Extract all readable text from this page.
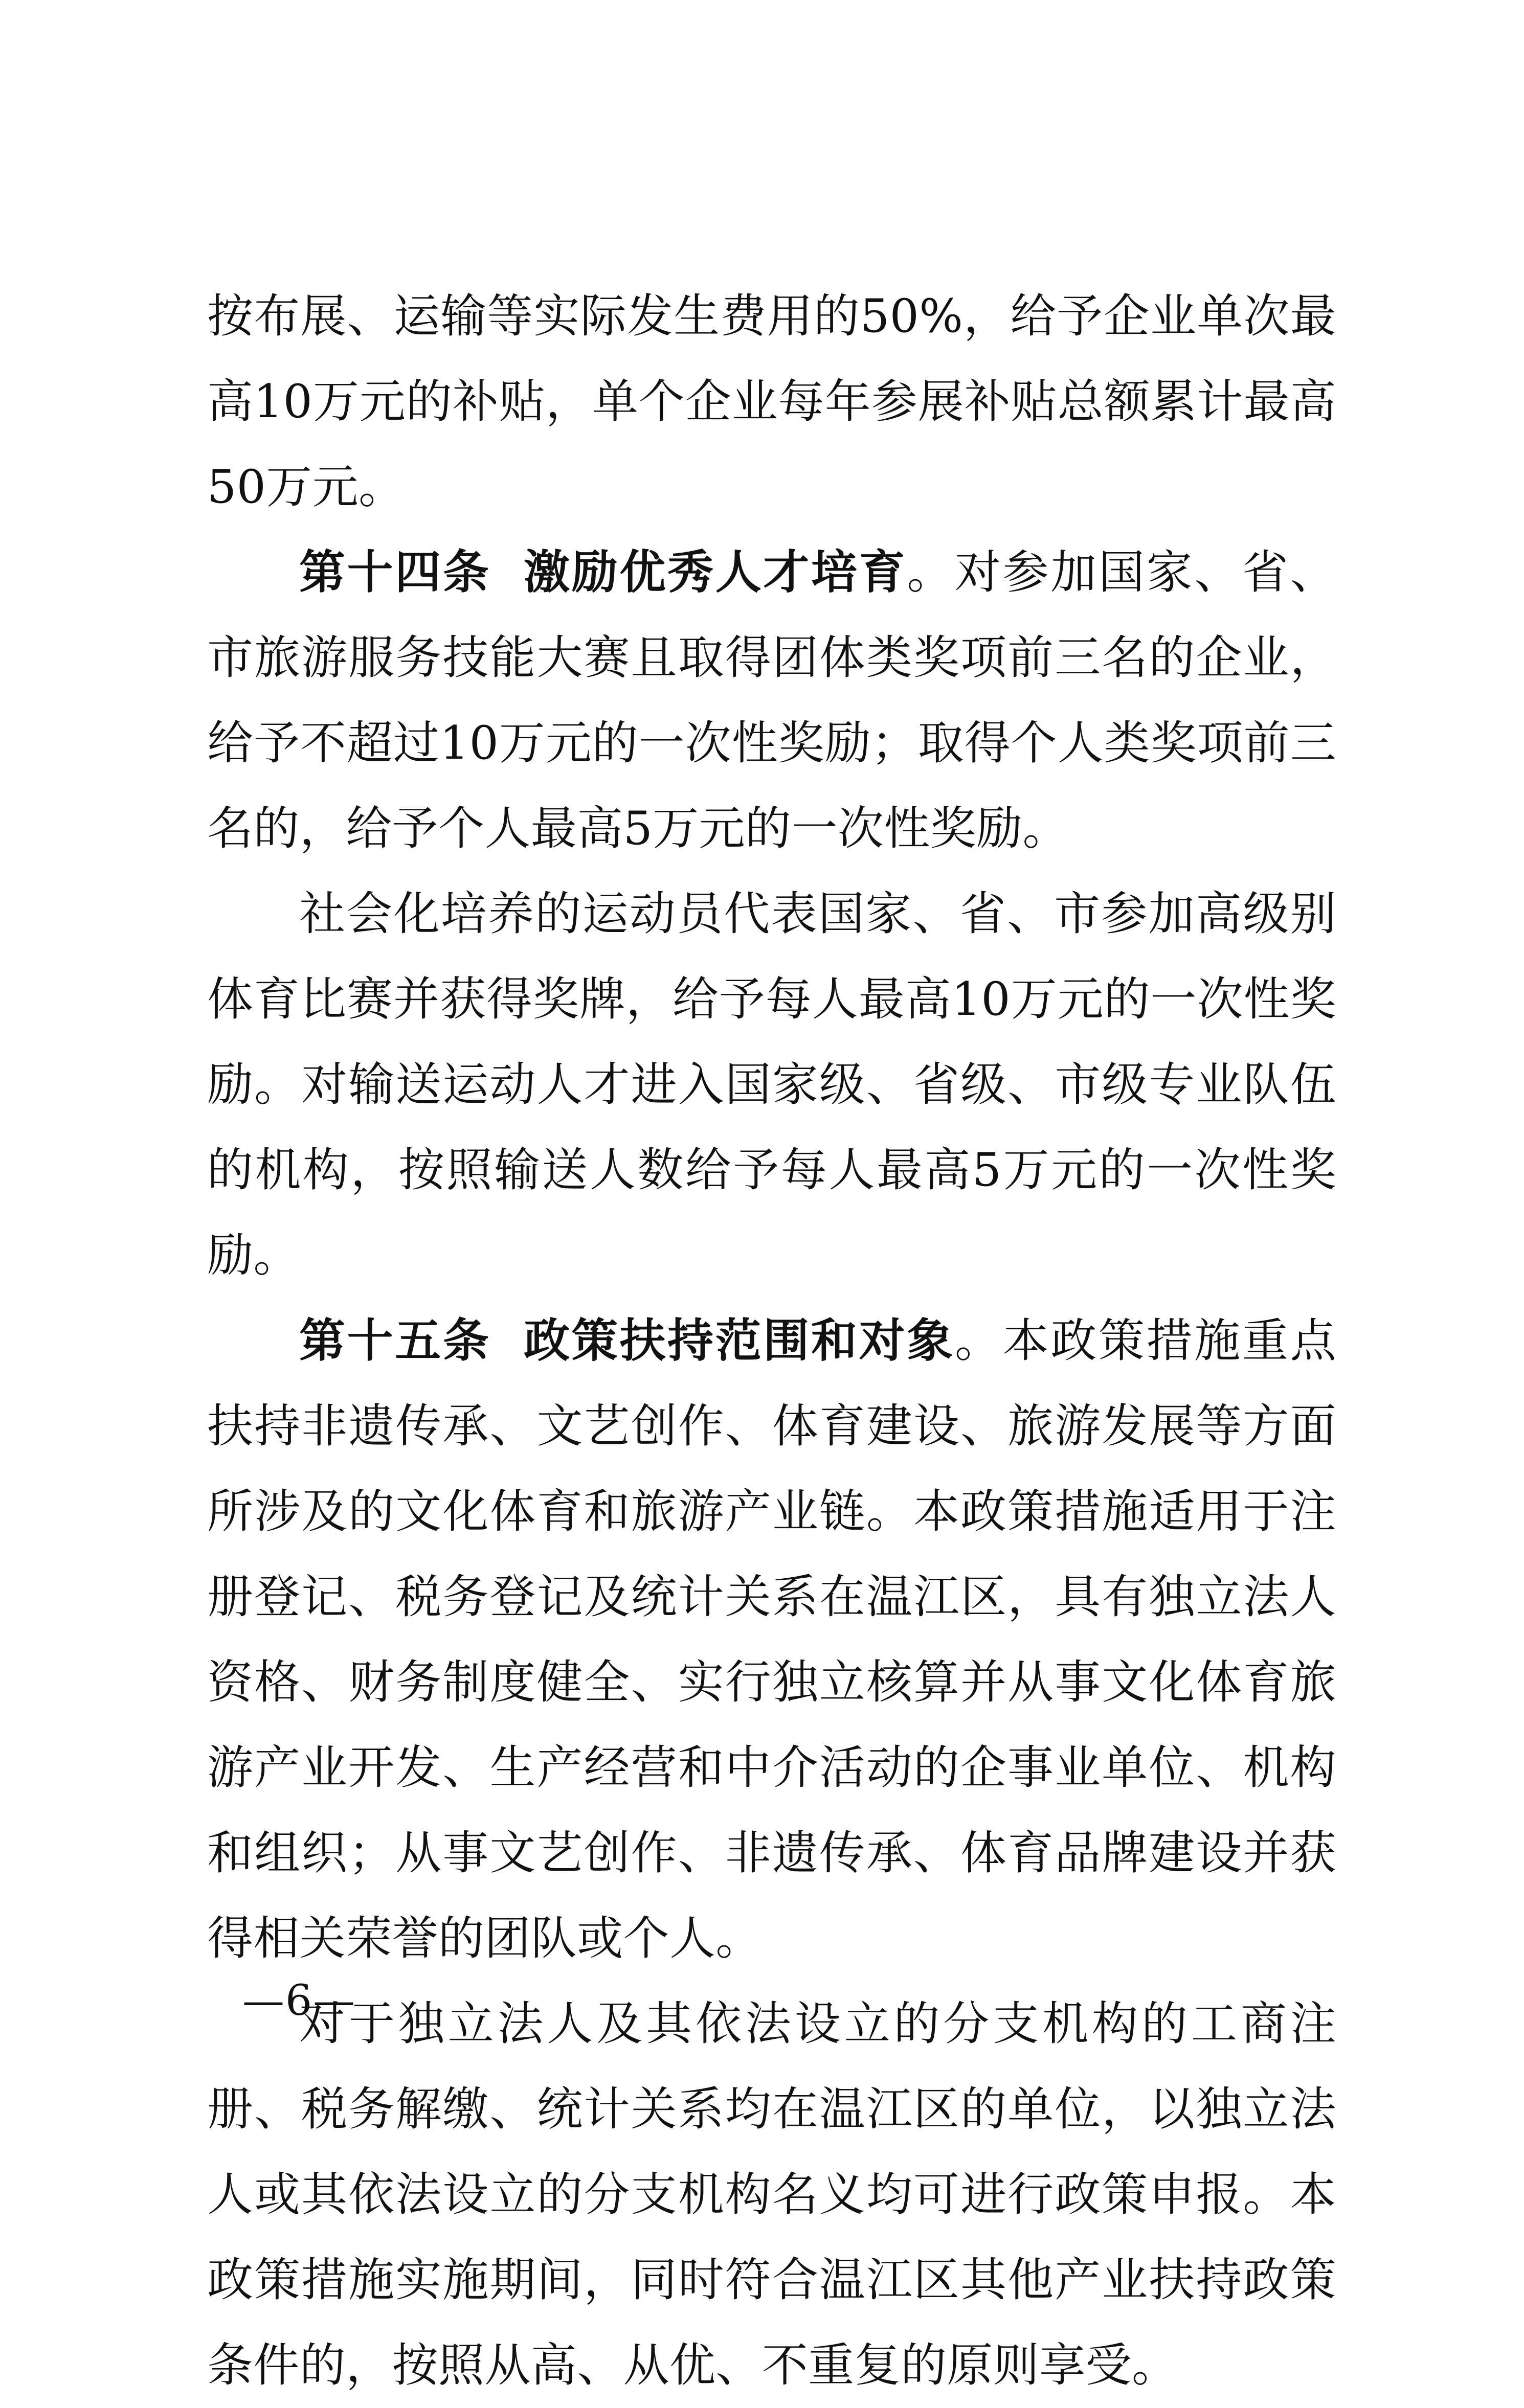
按布展、运输等实际发生费用的50%，给予企业单次最高10万元的补贴，单个企业每年参展补贴总额累计最高50万元。

第十四条 激励优秀人才培育。对参加国家、省、市旅游服务技能大赛且取得团体类奖项前三名的企业，给予不超过10万元的一次性奖励；取得个人类奖项前三名的，给予个人最高5万元的一次性奖励。

社会化培养的运动员代表国家、省、市参加高级别体育比赛并获得奖牌，给予每人最高10万元的一次性奖励。对输送运动人才进入国家级、省级、市级专业队伍的机构，按照输送人数给予每人最高5万元的一次性奖励。

第十五条 政策扶持范围和对象。本政策措施重点扶持非遗传承、文艺创作、体育建设、旅游发展等方面所涉及的文化体育和旅游产业链。本政策措施适用于注册登记、税务登记及统计关系在温江区，具有独立法人资格、财务制度健全、实行独立核算并从事文化体育旅游产业开发、生产经营和中介活动的企事业单位、机构和组织；从事文艺创作、非遗传承、体育品牌建设并获得相关荣誉的团队或个人。

对于独立法人及其依法设立的分支机构的工商注册、税务解缴、统计关系均在温江区的单位，以独立法人或其依法设立的分支机构名义均可进行政策申报。本政策措施实施期间，同时符合温江区其他产业扶持政策条件的，按照从高、从优、不重复的原则享受。

—6—
